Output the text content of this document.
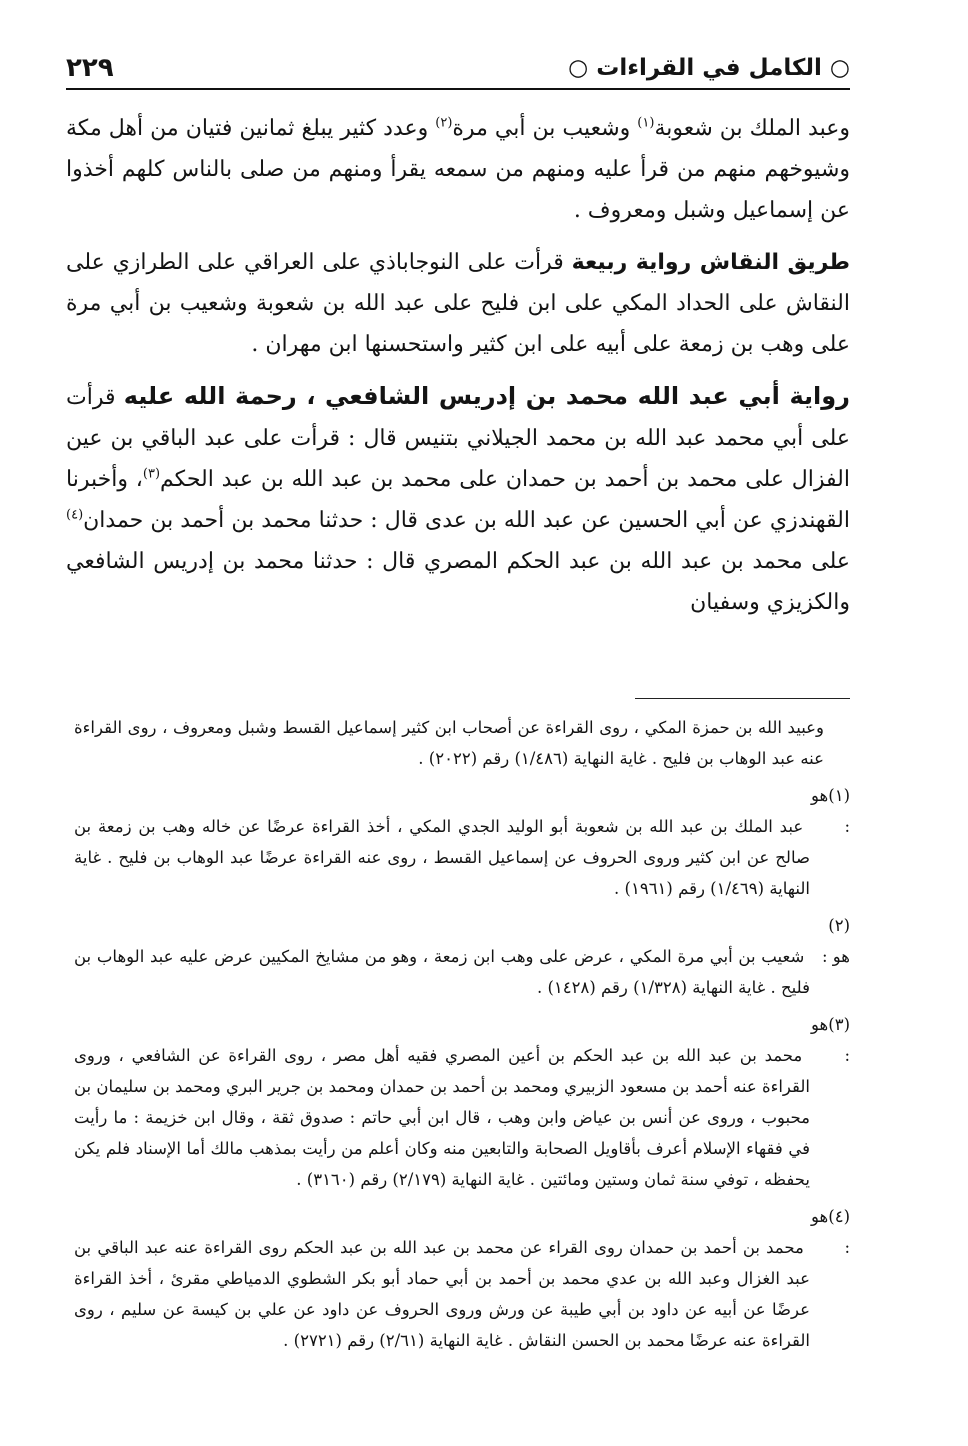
○ الكامل في القراءات ○
٢٢٩

وعبد الملك بن شعوبة$^{(١)}$ وشعيب بن أبي مرة$^{(٢)}$ وعدد كثير يبلغ ثمانين فتيان من أهل مكة وشيوخهم منهم من قرأ عليه ومنهم من سمعه يقرأ ومنهم من صلى بالناس كلهم أخذوا عن إسماعيل وشبل ومعروف .

طريق النقاش رواية ربيعة قرأت على النوجاباذي على العراقي على الطرازي على النقاش على الحداد المكي على ابن فليح على عبد الله بن شعوبة وشعيب بن أبي مرة على وهب بن زمعة على أبيه على ابن كثير واستحسنها ابن مهران .

رواية أبي عبد الله محمد بن إدريس الشافعي ، رحمة الله عليه قرأت على أبي محمد عبد الله بن محمد الجيلاني بتنيس قال : قرأت على عبد الباقي بن عين الفزال على محمد بن أحمد بن حمدان على محمد بن عبد الله بن عبد الحكم$^{(٣)}$، وأخبرنا القهندزي عن أبي الحسين عن عبد الله بن عدى قال : حدثنا محمد بن أحمد بن حمدان$^{(٤)}$ على محمد بن عبد الله بن عبد الحكم المصري قال : حدثنا محمد بن إدريس الشافعي والكزيزي وسفيان

وعبيد الله بن حمزة المكي ، روى القراءة عن أصحاب ابن كثير إسماعيل القسط وشبل ومعروف ، روى القراءة عنه عبد الوهاب بن فليح . غاية النهاية (١/٤٨٦) رقم (٢٠٢٢) .

(١)هو : عبد الملك بن عبد الله بن شعوبة أبو الوليد الجدي المكي ، أخذ القراءة عرضًا عن خاله وهب بن زمعة بن صالح عن ابن كثير وروى الحروف عن إسماعيل القسط ، روى عنه القراءة عرضًا عبد الوهاب بن فليح . غاية النهاية (١/٤٦٩) رقم (١٩٦١) .

(٢) هو : شعيب بن أبي مرة المكي ، عرض على وهب ابن زمعة ، وهو من مشايخ المكيين عرض عليه عبد الوهاب بن فليح . غاية النهاية (١/٣٢٨) رقم (١٤٢٨) .

(٣)هو : محمد بن عبد الله بن عبد الحكم بن أعين المصري فقيه أهل مصر ، روى القراءة عن الشافعي ، وروى القراءة عنه أحمد بن مسعود الزبيري ومحمد بن أحمد بن حمدان ومحمد بن جرير البري ومحمد بن سليمان بن محبوب ، وروى عن أنس بن عياض وابن وهب ، قال ابن أبي حاتم : صدوق ثقة ، وقال ابن خزيمة : ما رأيت في فقهاء الإسلام أعرف بأقاويل الصحابة والتابعين منه وكان أعلم من رأيت بمذهب مالك أما الإسناد فلم يكن يحفظه ، توفي سنة ثمان وستين ومائتين . غاية النهاية (٢/١٧٩) رقم (٣١٦٠) .

(٤)هو : محمد بن أحمد بن حمدان روى القراء عن محمد بن عبد الله بن عبد الحكم روى القراءة عنه عبد الباقي بن عبد الغزال وعبد الله بن عدي محمد بن أحمد بن أبي حماد أبو بكر الشطوي الدمياطي مقرئ ، أخذ القراءة عرضًا عن أبيه عن داود بن أبي طيبة عن ورش وروى الحروف عن داود عن علي بن كيسة عن سليم ، روى القراءة عنه عرضًا محمد بن الحسن النقاش . غاية النهاية (٢/٦١) رقم (٢٧٢١) .
